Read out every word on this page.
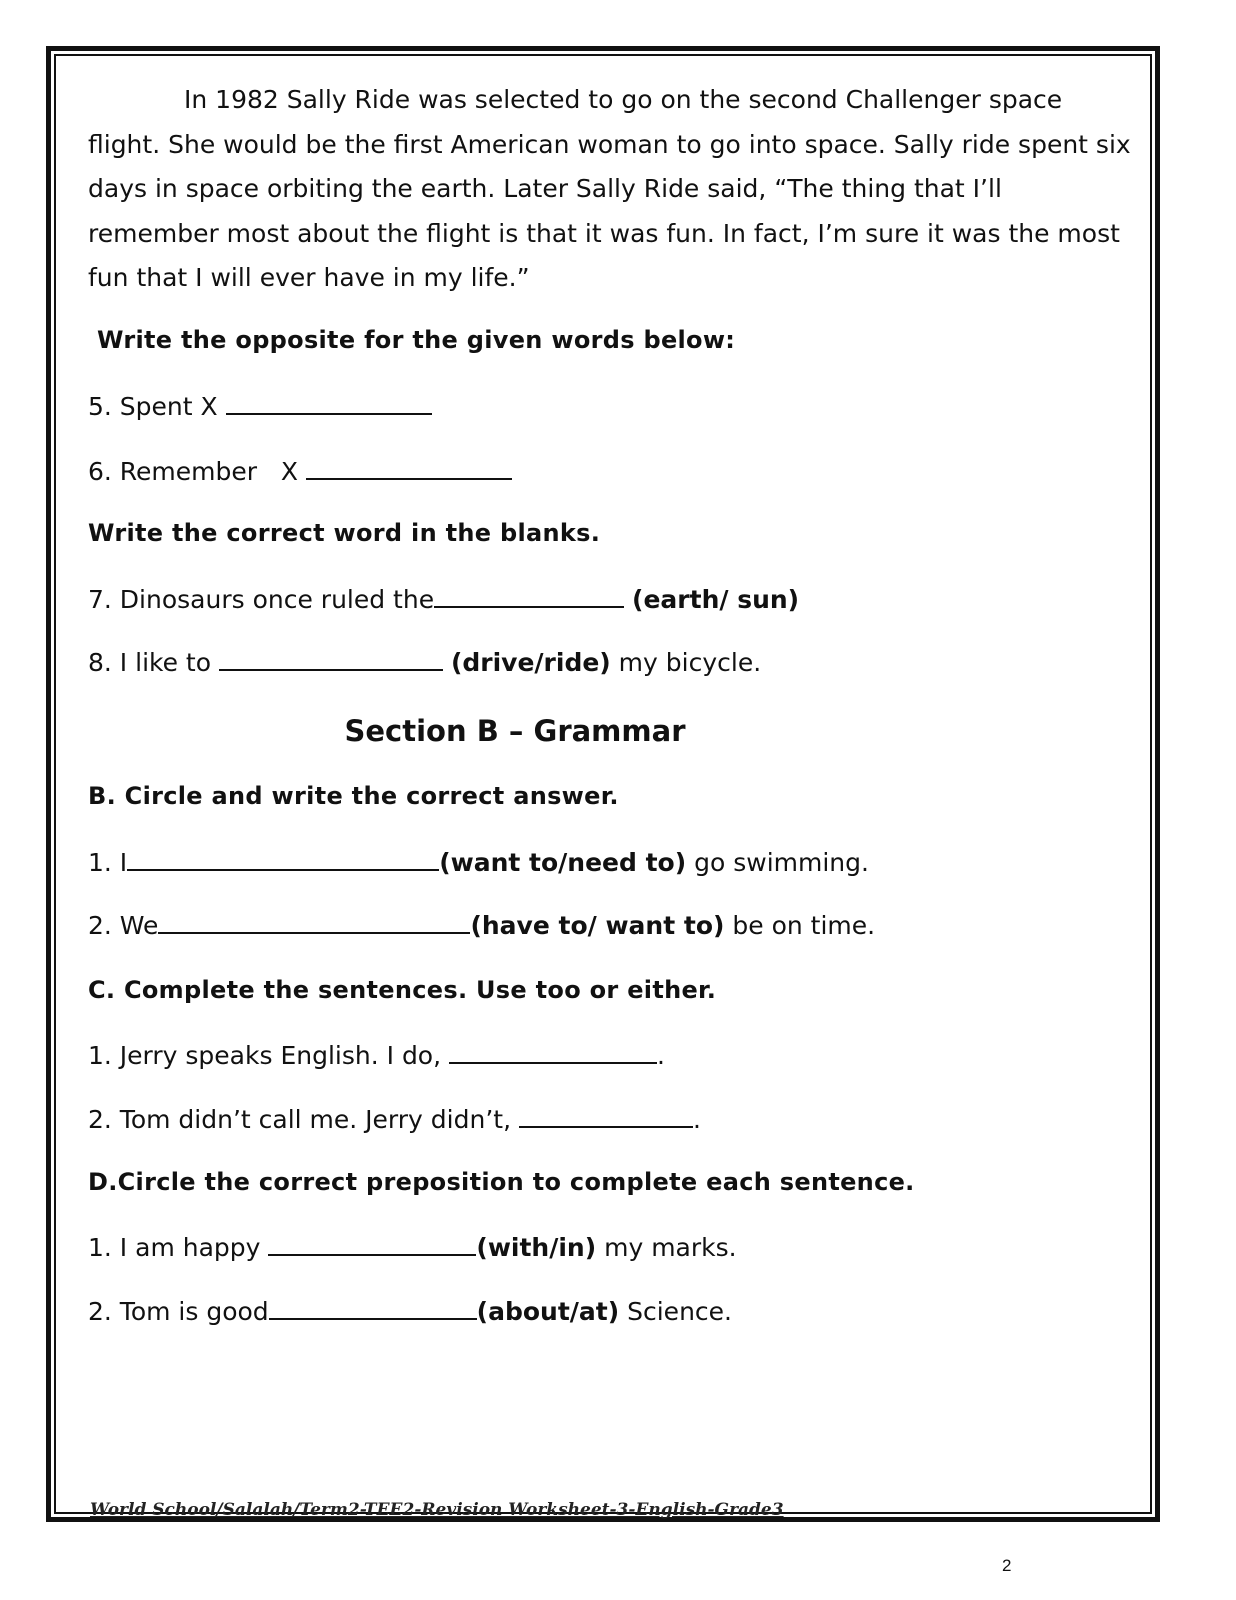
In 1982 Sally Ride was selected to go on the second Challenger space flight. She would be the first American woman to go into space. Sally ride spent six days in space orbiting the earth. Later Sally Ride said, “The thing that I’ll remember most about the flight is that it was fun. In fact, I’m sure it was the most fun that I will ever have in my life.”

Write the opposite for the given words below:
5. Spent X
6. Remember   X
Write the correct word in the blanks.
7. Dinosaurs once ruled the	(earth/ sun)
8. I like to	(drive/ride) my bicycle.
Section B – Grammar
B. Circle and write the correct answer.
1. I	(want to/need to) go swimming.
2. We	(have to/ want to) be on time.
C. Complete the sentences. Use too or either.
1. Jerry speaks English. I do,	.
2. Tom didn’t call me. Jerry didn’t,	.
D.Circle the correct preposition to complete each sentence.
1. I am happy	(with/in) my marks.
2. Tom is good	(about/at) Science.
World School/Salalah/Term2-TEE2-Revision Worksheet-3-English-Grade3
2
